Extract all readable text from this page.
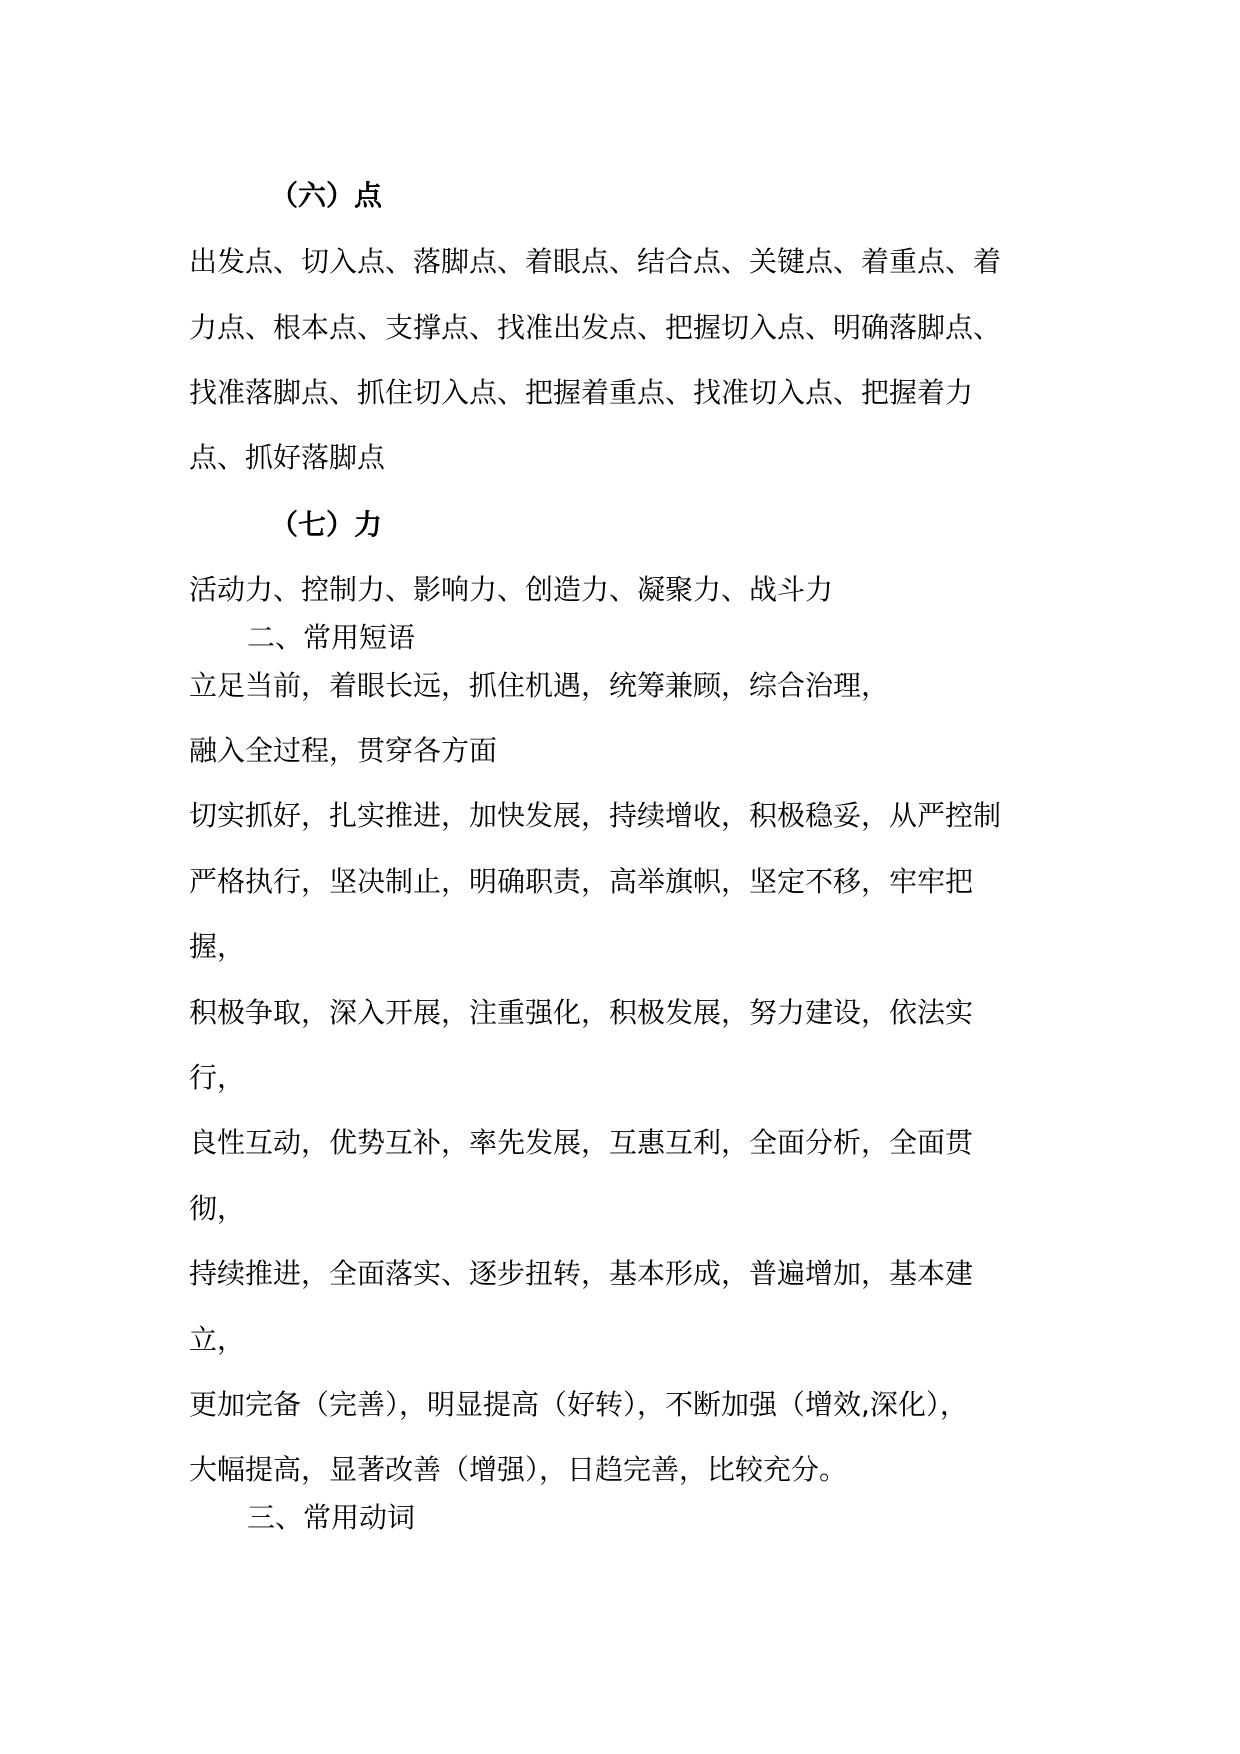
（六）点
出发点、切入点、落脚点、着眼点、结合点、关键点、着重点、着
力点、根本点、支撑点、找准出发点、把握切入点、明确落脚点、
找准落脚点、抓住切入点、把握着重点、找准切入点、把握着力
点、抓好落脚点
（七）力
活动力、控制力、影响力、创造力、凝聚力、战斗力
二、常用短语
立足当前，着眼长远，抓住机遇，统筹兼顾，综合治理，
融入全过程，贯穿各方面
切实抓好，扎实推进，加快发展，持续增收，积极稳妥，从严控制
严格执行，坚决制止，明确职责，高举旗帜，坚定不移，牢牢把
握，
积极争取，深入开展，注重强化，积极发展，努力建设，依法实
行，
良性互动，优势互补，率先发展，互惠互利，全面分析，全面贯
彻，
持续推进，全面落实、逐步扭转，基本形成，普遍增加，基本建
立，
更加完备（完善），明显提高（好转），不断加强（增效,深化），
大幅提高，显著改善（增强），日趋完善，比较充分。
三、常用动词
